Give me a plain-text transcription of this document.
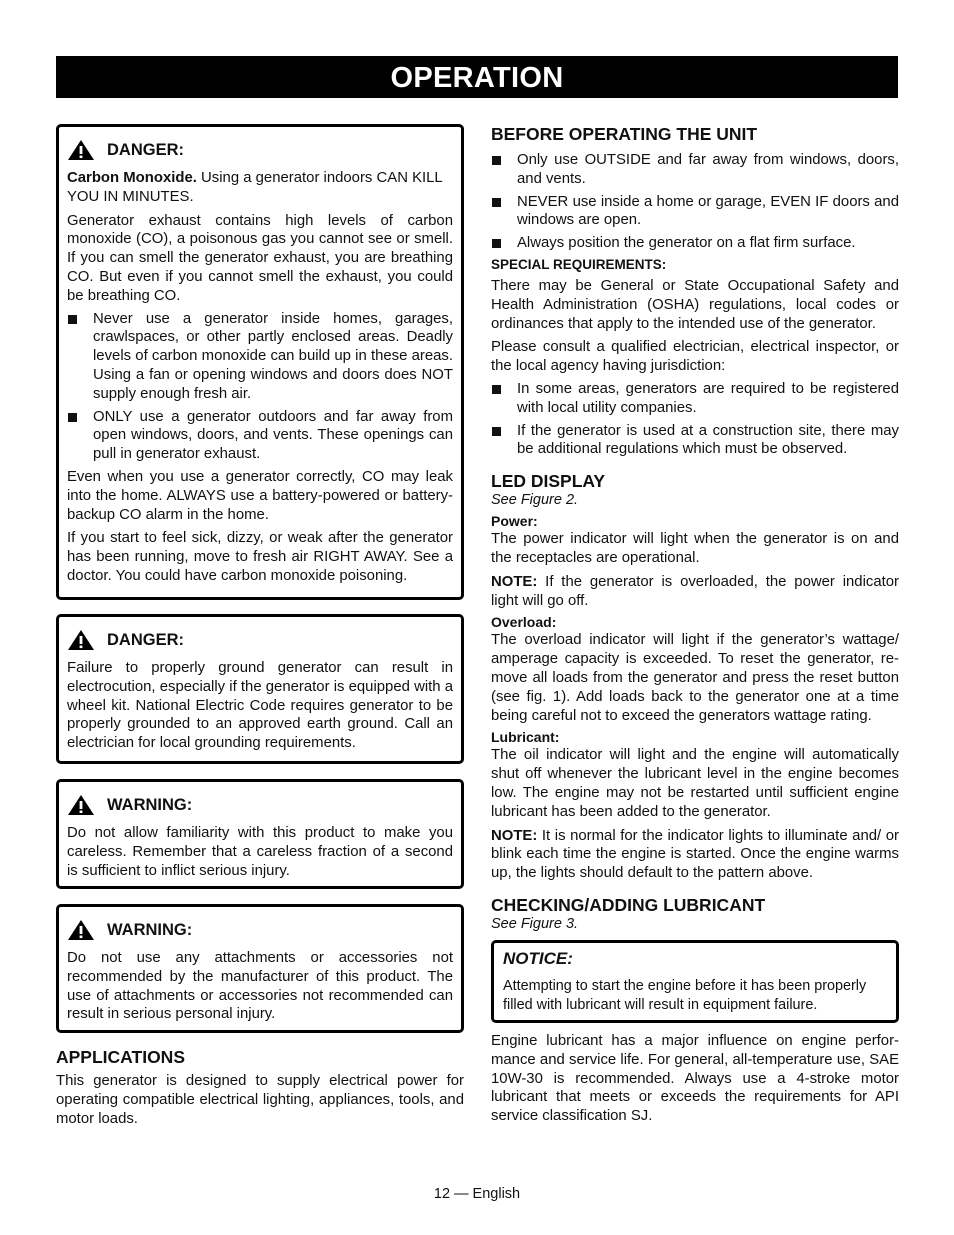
OPERATION
DANGER:

Carbon Monoxide. Using a generator indoors CAN KILL YOU IN MINUTES.

Generator exhaust contains high levels of carbon monoxide (CO), a poisonous gas you cannot see or smell. If you can smell the generator exhaust, you are breathing CO. But even if you cannot smell the exhaust, you could be breathing CO.

Never use a generator inside homes, garages, crawlspaces, or other partly enclosed areas. Deadly levels of carbon monoxide can build up in these areas. Using a fan or opening windows and doors does NOT supply enough fresh air.
ONLY use a generator outdoors and far away from open windows, doors, and vents. These openings can pull in generator exhaust.

Even when you use a generator correctly, CO may leak into the home. ALWAYS use a battery-powered or battery-backup CO alarm in the home.

If you start to feel sick, dizzy, or weak after the generator has been running, move to fresh air RIGHT AWAY. See a doctor. You could have carbon monoxide poisoning.

DANGER:

Failure to properly ground generator can result in electrocution, especially if the generator is equipped with a wheel kit. National Electric Code requires generator to be properly grounded to an approved earth ground. Call an electrician for local grounding requirements.

WARNING:

Do not allow familiarity with this product to make you careless. Remember that a careless fraction of a second is sufficient to inflict serious injury.

WARNING:

Do not use any attachments or accessories not recommended by the manufacturer of this product. The use of attachments or accessories not recommended can result in serious personal injury.

APPLICATIONS

This generator is designed to supply electrical power for operating compatible electrical lighting, appliances, tools, and motor loads.

BEFORE OPERATING THE UNIT
Only use OUTSIDE and far away from windows, doors, and vents.
NEVER use inside a home or garage, EVEN IF doors and windows are open.
Always position the generator on a flat firm surface.
SPECIAL REQUIREMENTS:

There may be General or State Occupational Safety and Health Administration (OSHA) regulations, local codes or ordinances that apply to the intended use of the generator.

Please consult a qualified electrician, electrical inspector, or the local agency having jurisdiction:

In some areas, generators are required to be registered with local utility companies.
If the generator is used at a construction site, there may be additional regulations which must be observed.
LED DISPLAY
See Figure 2.
Power:

The power indicator will light when the generator is on and the receptacles are operational.

NOTE: If the generator is overloaded, the power indicator light will go off.

Overload:

The overload indicator will light if the generator’s wattage/ amperage capacity is exceeded. To reset the generator, re-move all loads from the generator and press the reset button (see fig. 1). Add loads back to the generator one at a time being careful not to exceed the generators wattage rating.

Lubricant:

The oil indicator will light and the engine will automatically shut off whenever the lubricant level in the engine becomes low. The engine may not be restarted until sufficient engine lubricant has been added to the generator.

NOTE: It is normal for the indicator lights to illuminate and/ or blink each time the engine is started. Once the engine warms up, the lights should default to the pattern above.

CHECKING/ADDING LUBRICANT
See Figure 3.
NOTICE:

Attempting to start the engine before it has been properly filled with lubricant will result in equipment failure.

Engine lubricant has a major influence on engine perfor-mance and service life. For general, all-temperature use, SAE 10W-30 is recommended. Always use a 4-stroke motor lubricant that meets or exceeds the requirements for API service classification SJ.

12 — English
